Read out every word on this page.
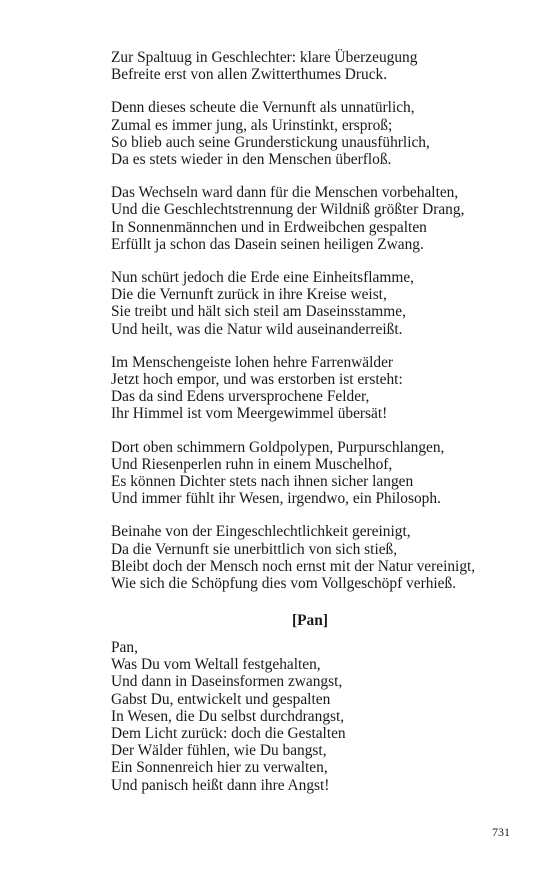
Zur Spaltuug in Geschlechter: klare Überzeugung
Befreite erst von allen Zwitterthumes Druck.

Denn dieses scheute die Vernunft als unnatürlich,
Zumal es immer jung, als Urinstinkt, ersproß;
So blieb auch seine Grunderstickung unausführlich,
Da es stets wieder in den Menschen überfloß.

Das Wechseln ward dann für die Menschen vorbehalten,
Und die Geschlechtstrennung der Wildniß größter Drang,
In Sonnenmännchen und in Erdweibchen gespalten
Erfüllt ja schon das Dasein seinen heiligen Zwang.

Nun schürt jedoch die Erde eine Einheitsflamme,
Die die Vernunft zurück in ihre Kreise weist,
Sie treibt und hält sich steil am Daseinsstamme,
Und heilt, was die Natur wild auseinanderreißt.

Im Menschengeiste lohen hehre Farrenwälder
Jetzt hoch empor, und was erstorben ist ersteht:
Das da sind Edens urversprochene Felder,
Ihr Himmel ist vom Meergewimmel übersät!

Dort oben schimmern Goldpolypen, Purpurschlangen,
Und Riesenperlen ruhn in einem Muschelhof,
Es können Dichter stets nach ihnen sicher langen
Und immer fühlt ihr Wesen, irgendwo, ein Philosoph.

Beinahe von der Eingeschlechtlichkeit gereinigt,
Da die Vernunft sie unerbittlich von sich stieß,
Bleibt doch der Mensch noch ernst mit der Natur vereinigt,
Wie sich die Schöpfung dies vom Vollgeschöpf verhieß.

[Pan]
Pan,
Was Du vom Weltall festgehalten,
Und dann in Daseinsformen zwangst,
Gabst Du, entwickelt und gespalten
In Wesen, die Du selbst durchdrangst,
Dem Licht zurück: doch die Gestalten
Der Wälder fühlen, wie Du bangst,
Ein Sonnenreich hier zu verwalten,
Und panisch heißt dann ihre Angst!
731
